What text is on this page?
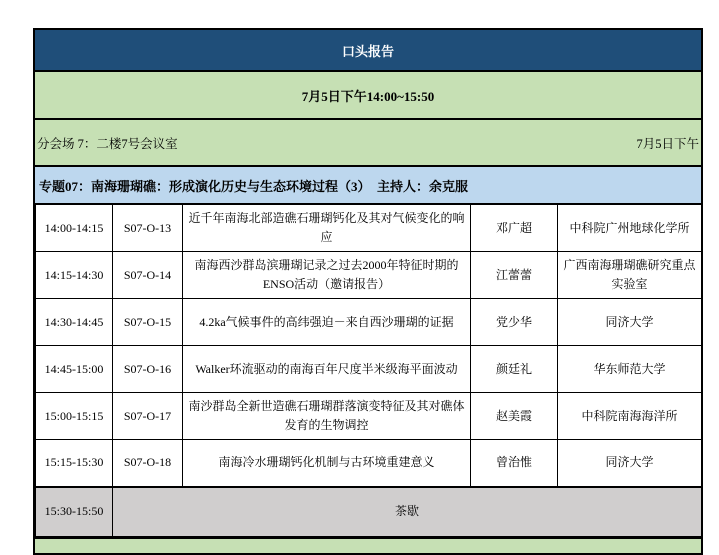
口头报告
7月5日下午14:00~15:50
分会场 7：二楼7号会议室	7月5日下午
专题07：南海珊瑚礁：形成演化历史与生态环境过程（3）　主持人：余克服
14:00-14:15	S07-O-13	近千年南海北部造礁石珊瑚钙化及其对气候变化的响应	邓广超	中科院广州地球化学所
14:15-14:30	S07-O-14	南海西沙群岛滨珊瑚记录之过去2000年特征时期的ENSO活动（邀请报告）	江蕾蕾	广西南海珊瑚礁研究重点实验室
14:30-14:45	S07-O-15	4.2ka气候事件的高纬强迫－来自西沙珊瑚的证据	党少华	同济大学
14:45-15:00	S07-O-16	Walker环流驱动的南海百年尺度半米级海平面波动	颜廷礼	华东师范大学
15:00-15:15	S07-O-17	南沙群岛全新世造礁石珊瑚群落演变特征及其对礁体发育的生物调控	赵美霞	中科院南海海洋所
15:15-15:30	S07-O-18	南海冷水珊瑚钙化机制与古环境重建意义	曾治惟	同济大学
15:30-15:50	茶歇			
